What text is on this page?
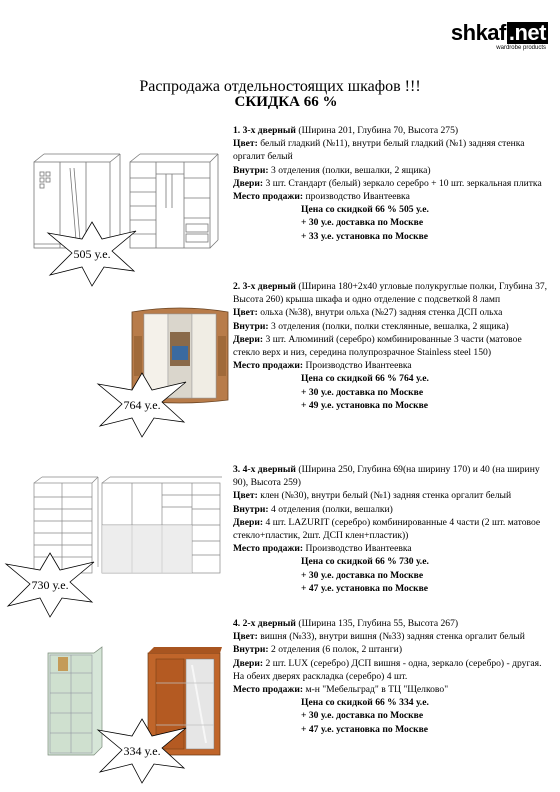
shkaf .net
wardrobe products
Распродажа отдельностоящих шкафов !!!
СКИДКА 66 %
505 у.е.
764 у.е.
730 у.е.
334 у.е.

1. 3-х дверный (Ширина 201, Глубина 70, Высота 275)

Цвет: белый гладкий (№11), внутри белый гладкий (№1) задняя стенка оргалит белый

Внутри: 3 отделения (полки, вешалки, 2 ящика)

Двери: 3 шт. Стандарт (белый) зеркало серебро + 10 шт. зеркальная плитка

Место продажи: производство Ивантеевка

Цена со скидкой 66 % 505 у.е.

+ 30 у.е. доставка по Москве

+ 33 у.е. установка по Москве

2. 3-х дверный (Ширина 180+2х40 угловые полукруглые полки, Глубина 37, Высота 260) крыша шкафа и одно отделение с подсветкой 8 ламп

Цвет: ольха (№38), внутри ольха (№27) задняя стенка ДСП ольха

Внутри: 3 отделения (полки, полки стеклянные, вешалка, 2 ящика)

Двери: 3 шт. Алюминий (серебро) комбинированные 3 части (матовое стекло верх и низ, середина полупрозрачное Stainless steel 150)

Место продажи: Производство Ивантеевка

Цена со скидкой 66 % 764 у.е.

+ 30 у.е. доставка по Москве

+ 49 у.е. установка по Москве

3. 4-х дверный (Ширина 250, Глубина 69(на ширину 170) и 40 (на ширину 90), Высота 259)

Цвет: клен (№30), внутри белый (№1) задняя стенка оргалит белый

Внутри: 4 отделения (полки, вешалки)

Двери: 4 шт. LAZURIT (серебро) комбинированные 4 части (2 шт. матовое стекло+пластик, 2шт. ДСП клен+пластик))

Место продажи: Производство Ивантеевка

Цена со скидкой 66 % 730 у.е.

+ 30 у.е. доставка по Москве

+ 47 у.е. установка по Москве

4. 2-х дверный (Ширина 135, Глубина 55, Высота 267)

Цвет: вишня (№33), внутри вишня (№33) задняя стенка оргалит белый

Внутри: 2 отделения (6 полок, 2 штанги)

Двери: 2 шт. LUX (серебро) ДСП вишня - одна, зеркало (серебро) - другая. На обеих дверях раскладка (серебро) 4 шт.

Место продажи: м-н "Мебельград" в ТЦ "Щелково"

Цена со скидкой 66 % 334 у.е.

+ 30 у.е. доставка по Москве

+ 47 у.е. установка по Москве
